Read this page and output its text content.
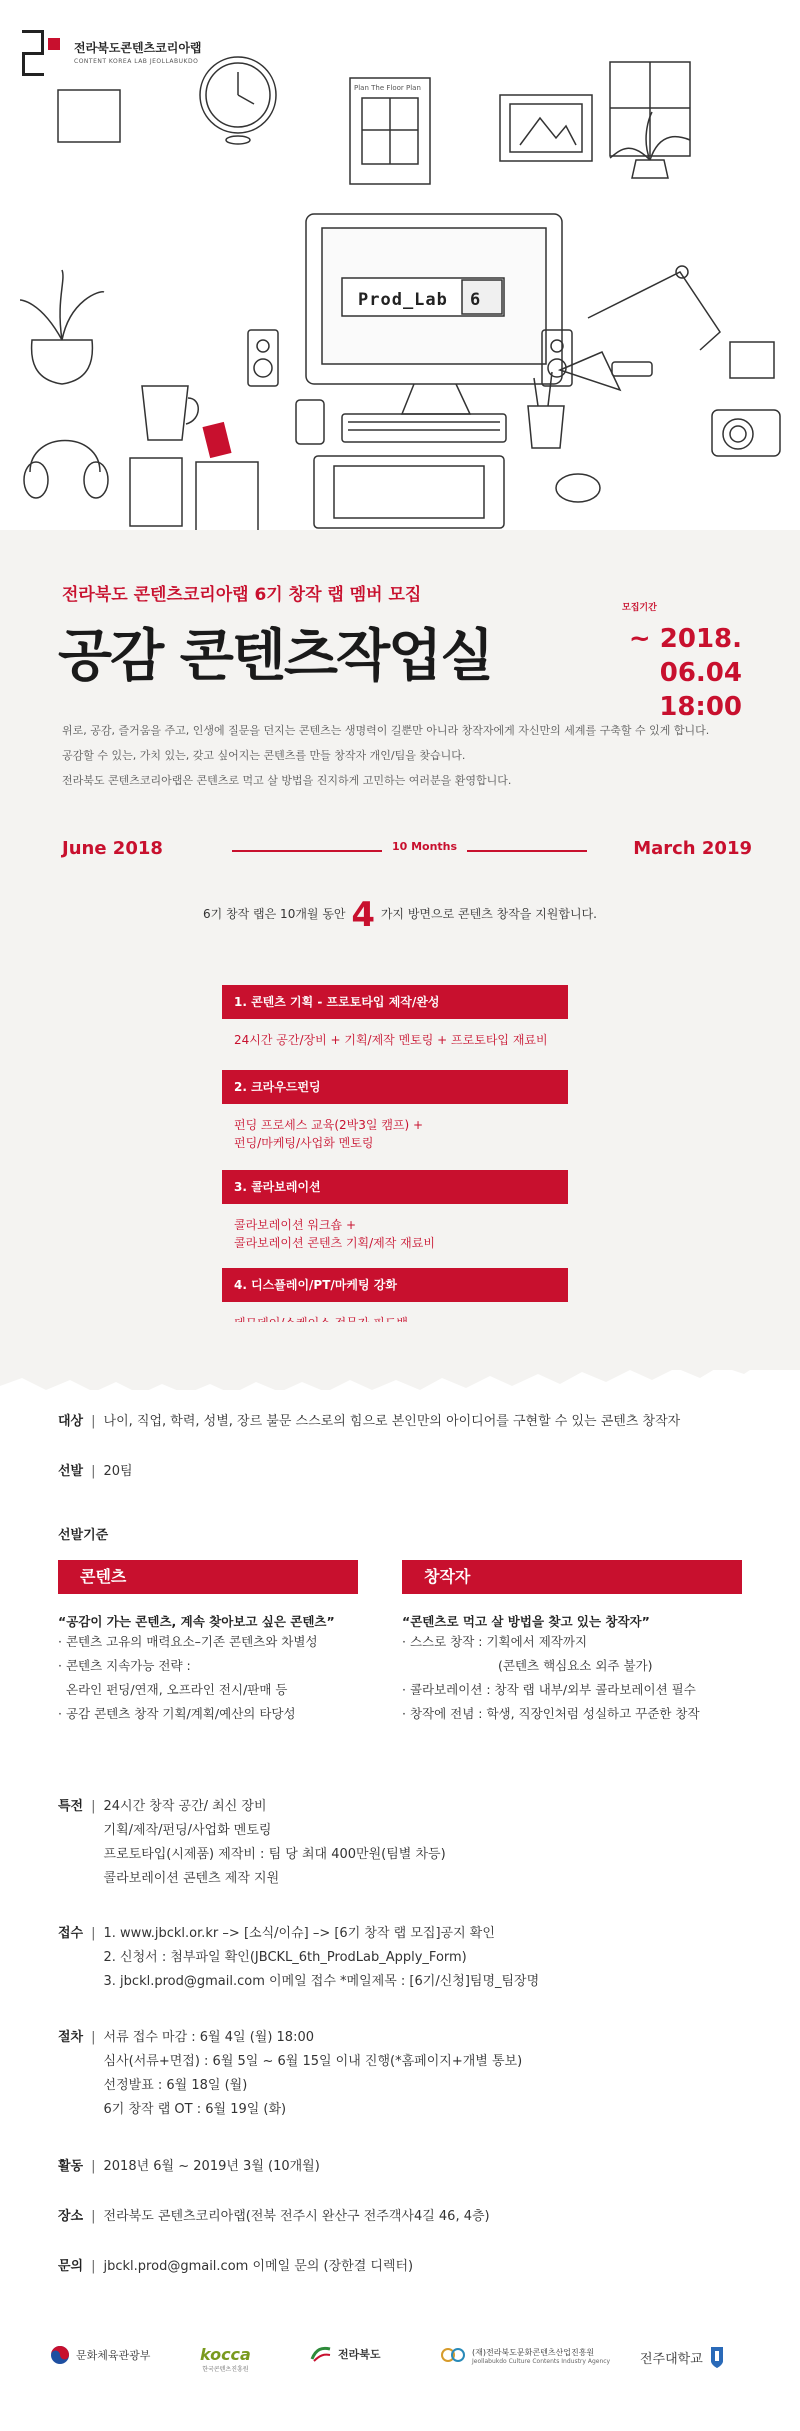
전라북도콘텐츠코리아랩
CONTENT KOREA LAB JEOLLABUKDO
Plan The Floor Plan
Prod_Lab 6
전라북도 콘텐츠코리아랩 6기 창작 랩 멤버 모집
공감 콘텐츠작업실
모집기간
~ 2018. 06.04
18:00
위로, 공감, 즐거움을 주고, 인생에 질문을 던지는 콘텐츠는 생명력이 길뿐만 아니라 창작자에게 자신만의 세계를 구축할 수 있게 합니다.
공감할 수 있는, 가치 있는, 갖고 싶어지는 콘텐츠를 만들 창작자 개인/팀을 찾습니다.
전라북도 콘텐츠코리아랩은 콘텐츠로 먹고 살 방법을 진지하게 고민하는 여러분을 환영합니다.
June 2018	10 Months	March 2019
6기 창작 랩은 10개월 동안 4 가지 방면으로 콘텐츠 창작을 지원합니다.
1. 콘텐츠 기획 - 프로토타입 제작/완성
24시간 공간/장비 + 기획/제작 멘토링 + 프로토타입 재료비
2. 크라우드펀딩
펀딩 프로세스 교육(2박3일 캠프) +
펀딩/마케팅/사업화 멘토링
3. 콜라보레이션
콜라보레이션 워크숍 +
콜라보레이션 콘텐츠 기획/제작 재료비
4. 디스플레이/PT/마케팅 강화
대상 | 나이, 직업, 학력, 성별, 장르 불문 스스로의 힘으로 본인만의 아이디어를 구현할 수 있는 콘텐츠 창작자
선발 | 20팀
선발기준
콘텐츠
“공감이 가는 콘텐츠, 계속 찾아보고 싶은 콘텐츠”
· 콘텐츠 고유의 매력요소–기존 콘텐츠와 차별성
· 콘텐츠 지속가능 전략 :
온라인 펀딩/연재, 오프라인 전시/판매 등
· 공감 콘텐츠 창작 기획/계획/예산의 타당성
창작자
“콘텐츠로 먹고 살 방법을 찾고 있는 창작자”
· 스스로 창작 : 기획에서 제작까지
(콘텐츠 핵심요소 외주 불가)
· 콜라보레이션 : 창작 랩 내부/외부 콜라보레이션 필수
· 창작에 전념 : 학생, 직장인처럼 성실하고 꾸준한 창작
특전 | 24시간 창작 공간/ 최신 장비
기획/제작/펀딩/사업화 멘토링
프로토타입(시제품) 제작비 : 팀 당 최대 400만원(팀별 차등)
콜라보레이션 콘텐츠 제작 지원
접수 | 1. www.jbckl.or.kr –> [소식/이슈] –> [6기 창작 랩 모집]공지 확인
2. 신청서 : 첨부파일 확인(JBCKL_6th_ProdLab_Apply_Form)
3. jbckl.prod@gmail.com 이메일 접수 *메일제목 : [6기/신청]팀명_팀장명
절차 | 서류 접수 마감 : 6월 4일 (월) 18:00
심사(서류+면접) : 6월 5일 ~ 6월 15일 이내 진행(*홈페이지+개별 통보)
선정발표 : 6월 18일 (월)
6기 창작 랩 OT : 6월 19일 (화)
활동 | 2018년 6월 ~ 2019년 3월 (10개월)
장소 | 전라북도 콘텐츠코리아랩(전북 전주시 완산구 전주객사4길 46, 4층)
문의 | jbckl.prod@gmail.com 이메일 문의 (장한결 디렉터)
문화체육관광부	kocca
한국콘텐츠진흥원
전라북도	(재)전라북도문화콘텐츠산업진흥원
Jeollabukdo Culture Contents Industry Agency 전주대학교
